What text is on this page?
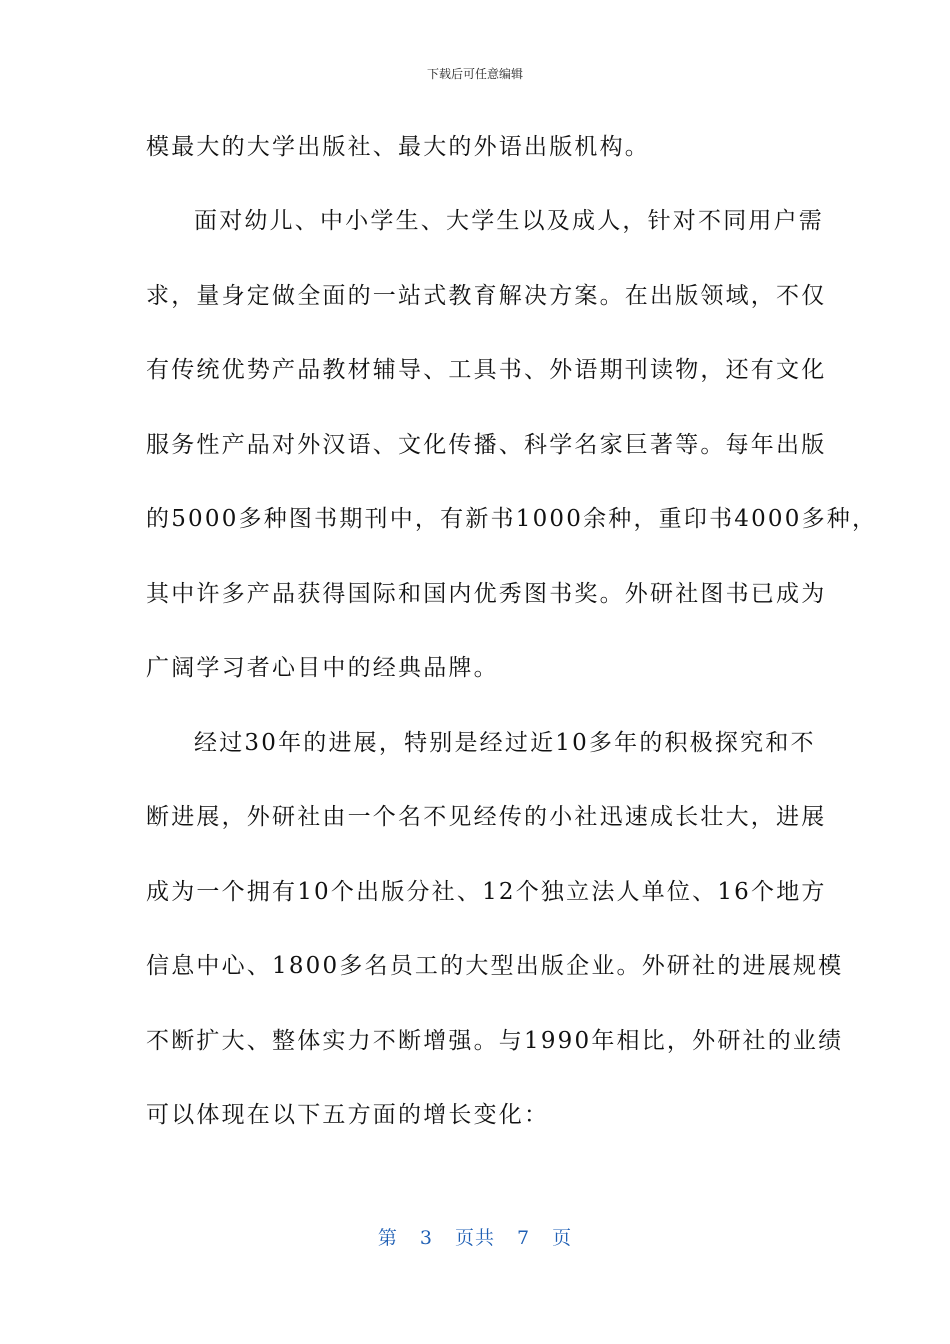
下载后可任意编辑
模最大的大学出版社、最大的外语出版机构。
面对幼儿、中小学生、大学生以及成人，针对不同用户需
求，量身定做全面的一站式教育解决方案。在出版领域，不仅
有传统优势产品教材辅导、工具书、外语期刊读物，还有文化
服务性产品对外汉语、文化传播、科学名家巨著等。每年出版
的5000多种图书期刊中，有新书1000余种，重印书4000多种，
其中许多产品获得国际和国内优秀图书奖。外研社图书已成为
广阔学习者心目中的经典品牌。
经过30年的进展，特别是经过近10多年的积极探究和不
断进展，外研社由一个名不见经传的小社迅速成长壮大，进展
成为一个拥有10个出版分社、12个独立法人单位、16个地方
信息中心、1800多名员工的大型出版企业。外研社的进展规模
不断扩大、整体实力不断增强。与1990年相比，外研社的业绩
可以体现在以下五方面的增长变化：
第 3 页共 7 页
